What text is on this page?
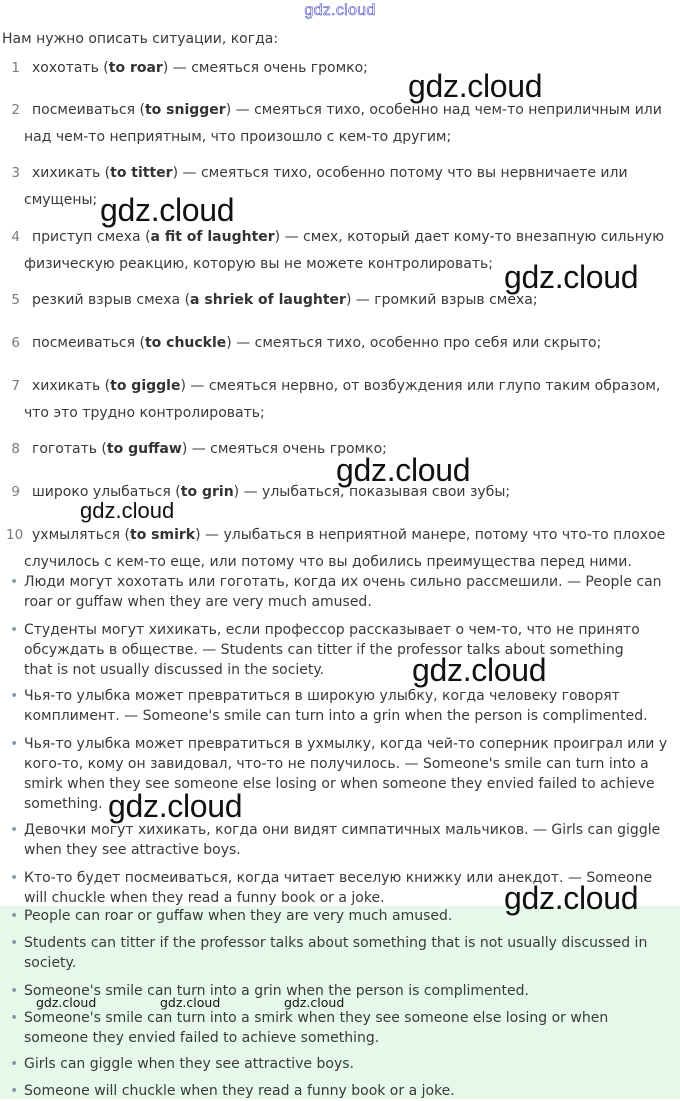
gdz.cloud
Нам нужно описать ситуации, когда:
1 хохотать (to roar) — смеяться очень громко;
2 посмеиваться (to snigger) — смеяться тихо, особенно над чем-то неприличным или
над чем-то неприятным, что произошло с кем-то другим;
3 хихикать (to titter) — смеяться тихо, особенно потому что вы нервничаете или
смущены;
4 приступ смеха (a fit of laughter) — смех, который дает кому-то внезапную сильную
физическую реакцию, которую вы не можете контролировать;
5 резкий взрыв смеха (a shriek of laughter) — громкий взрыв смеха;
6 посмеиваться (to chuckle) — смеяться тихо, особенно про себя или скрыто;
7 хихикать (to giggle) — смеяться нервно, от возбуждения или глупо таким образом,
что это трудно контролировать;
8 гоготать (to guffaw) — смеяться очень громко;
9 широко улыбаться (to grin) — улыбаться, показывая свои зубы;
10 ухмыляться (to smirk) — улыбаться в неприятной манере, потому что что-то плохое
случилось с кем-то еще, или потому что вы добились преимущества перед ними.
• Люди могут хохотать или гоготать, когда их очень сильно рассмешили. — People can
roar or guffaw when they are very much amused.
• Студенты могут хихикать, если профессор рассказывает о чем-то, что не принято
обсуждать в обществе. — Students can titter if the professor talks about something
that is not usually discussed in the society.
• Чья-то улыбка может превратиться в широкую улыбку, когда человеку говорят
комплимент. — Someone's smile can turn into a grin when the person is complimented.
• Чья-то улыбка может превратиться в ухмылку, когда чей-то соперник проиграл или у
кого-то, кому он завидовал, что-то не получилось. — Someone's smile can turn into a
smirk when they see someone else losing or when someone they envied failed to achieve
something.
• Девочки могут хихикать, когда они видят симпатичных мальчиков. — Girls can giggle
when they see attractive boys.
• Кто-то будет посмеиваться, когда читает веселую книжку или анекдот. — Someone
will chuckle when they read a funny book or a joke.
• People can roar or guffaw when they are very much amused.
• Students can titter if the professor talks about something that is not usually discussed in
society.
• Someone's smile can turn into a grin when the person is complimented.
• Someone's smile can turn into a smirk when they see someone else losing or when
someone they envied failed to achieve something.
• Girls can giggle when they see attractive boys.
• Someone will chuckle when they read a funny book or a joke.
gdz.cloud
gdz.cloud
gdz.cloud
gdz.cloud
gdz.cloud
gdz.cloud
gdz.cloud
gdz.cloud
gdz.cloud	gdz.cloud	gdz.cloud
